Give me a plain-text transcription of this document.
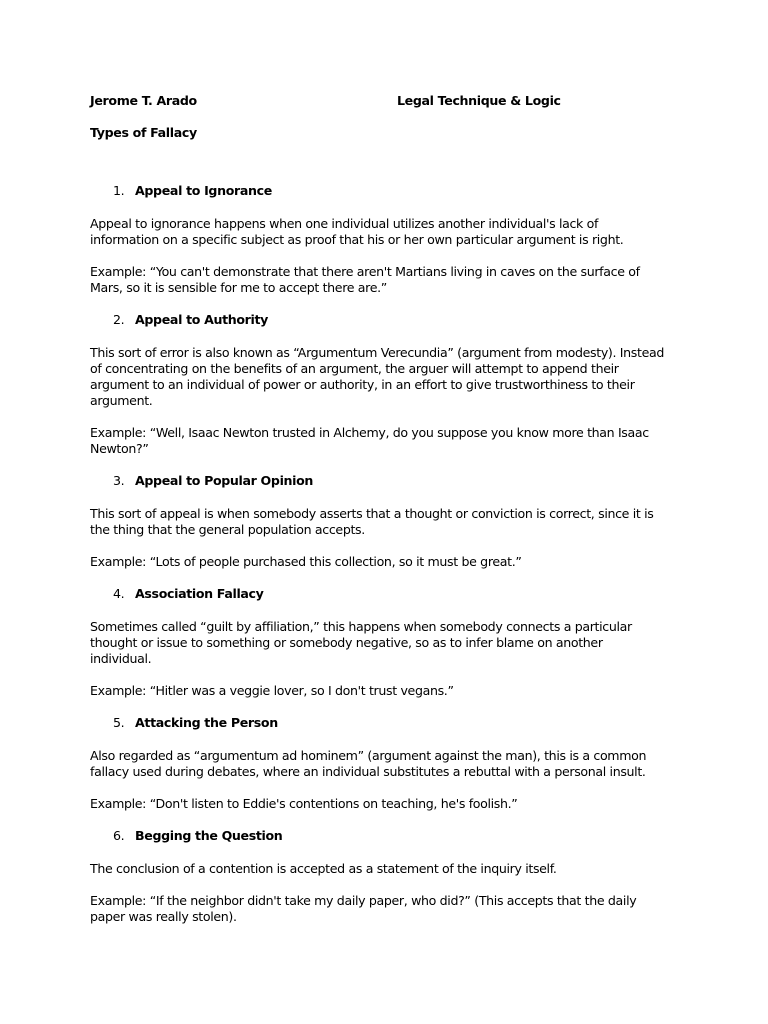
Jerome T. Arado	Legal Technique & Logic
Types of Fallacy
1. Appeal to Ignorance

Appeal to ignorance happens when one individual utilizes another individual's lack of information on a specific subject as proof that his or her own particular argument is right.

Example: “You can't demonstrate that there aren't Martians living in caves on the surface of Mars, so it is sensible for me to accept there are.”

2. Appeal to Authority

This sort of error is also known as “Argumentum Verecundia” (argument from modesty). Instead of concentrating on the benefits of an argument, the arguer will attempt to append their argument to an individual of power or authority, in an effort to give trustworthiness to their argument.

Example: “Well, Isaac Newton trusted in Alchemy, do you suppose you know more than Isaac Newton?”

3. Appeal to Popular Opinion

This sort of appeal is when somebody asserts that a thought or conviction is correct, since it is the thing that the general population accepts.

Example: “Lots of people purchased this collection, so it must be great.”

4. Association Fallacy

Sometimes called “guilt by affiliation,” this happens when somebody connects a particular thought or issue to something or somebody negative, so as to infer blame on another individual.

Example: “Hitler was a veggie lover, so I don't trust vegans.”

5. Attacking the Person

Also regarded as “argumentum ad hominem” (argument against the man), this is a common fallacy used during debates, where an individual substitutes a rebuttal with a personal insult.

Example: “Don't listen to Eddie's contentions on teaching, he's foolish.”

6. Begging the Question

The conclusion of a contention is accepted as a statement of the inquiry itself.

Example: “If the neighbor didn't take my daily paper, who did?” (This accepts that the daily paper was really stolen).
